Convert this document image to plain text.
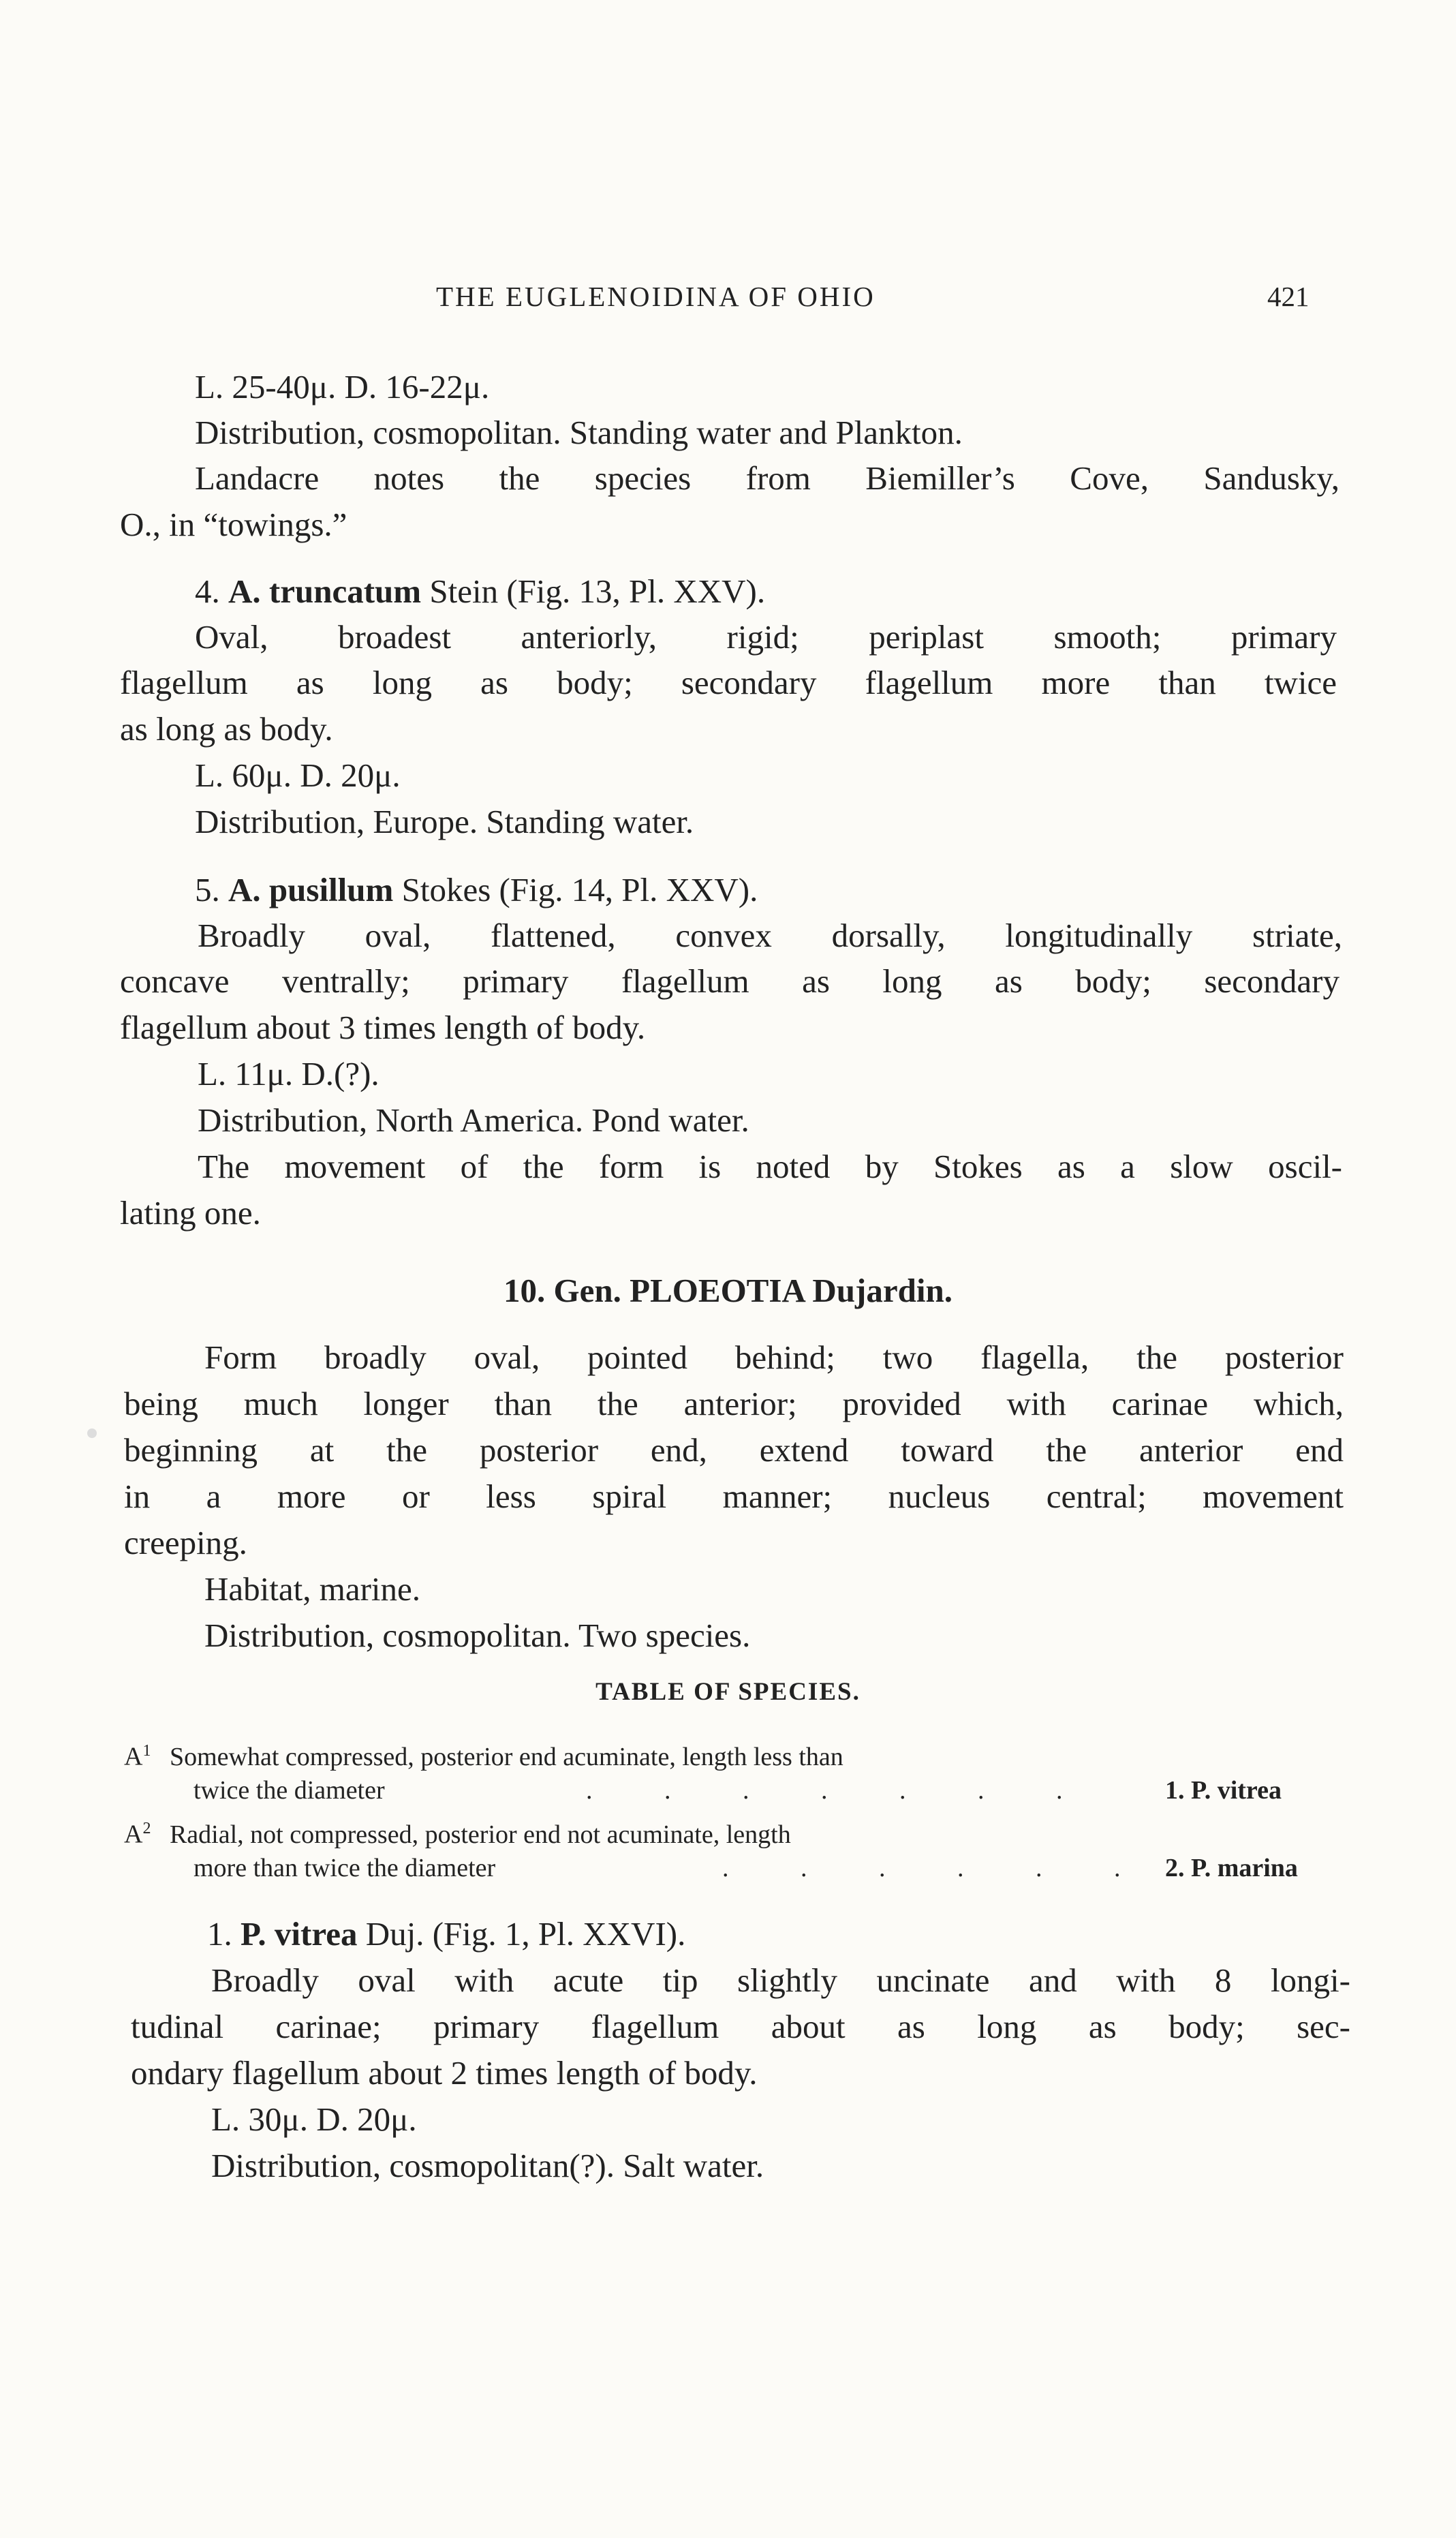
THE EUGLENOIDINA OF OHIO	421
L. 25-40μ. D. 16-22μ.
Distribution, cosmopolitan. Standing water and Plankton.
Landacre notes the species from Biemiller’s Cove, Sandusky,
O., in “towings.”
4. A. truncatum Stein (Fig. 13, Pl. XXV).
Oval, broadest anteriorly, rigid; periplast smooth; primary
flagellum as long as body; secondary flagellum more than twice
as long as body.
L. 60μ. D. 20μ.
Distribution, Europe. Standing water.
5. A. pusillum Stokes (Fig. 14, Pl. XXV).
Broadly oval, flattened, convex dorsally, longitudinally striate,
concave ventrally; primary flagellum as long as body; secondary
flagellum about 3 times length of body.
L. 11μ. D.(?).
Distribution, North America. Pond water.
The movement of the form is noted by Stokes as a slow oscil-
lating one.
10. Gen. PLOEOTIA Dujardin.
Form broadly oval, pointed behind; two flagella, the posterior
being much longer than the anterior; provided with carinae which,
beginning at the posterior end, extend toward the anterior end
in a more or less spiral manner; nucleus central; movement
creeping.
Habitat, marine.
Distribution, cosmopolitan. Two species.
TABLE OF SPECIES.
$A^1$ Somewhat compressed, posterior end acuminate, length less than
twice the diameter	. . . . . . .	1. P. vitrea
$A^2$ Radial, not compressed, posterior end not acuminate, length
more than twice the diameter	. . . . . . 2. P. marina
1. P. vitrea Duj. (Fig. 1, Pl. XXVI).
Broadly oval with acute tip slightly uncinate and with 8 longi-
tudinal carinae; primary flagellum about as long as body; sec-
ondary flagellum about 2 times length of body.
L. 30μ. D. 20μ.
Distribution, cosmopolitan(?). Salt water.
